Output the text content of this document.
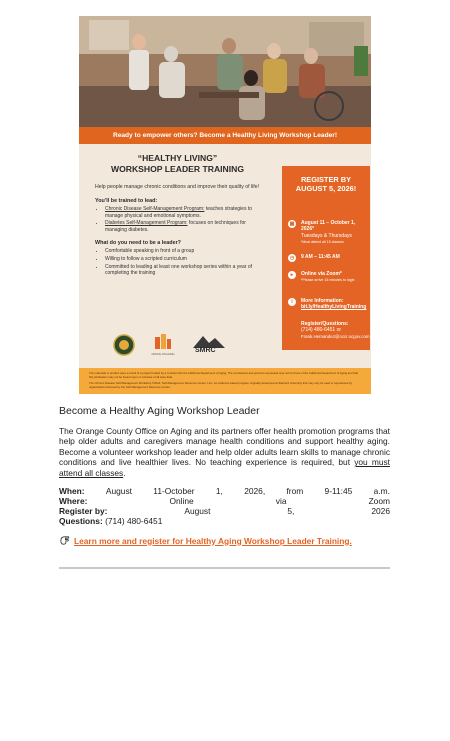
Ready to empower others? Become a Healthy Living Workshop Leader!
“HEALTHY LIVING”
WORKSHOP LEADER TRAINING
Help people manage chronic conditions and improve their quality of life!
You’ll be trained to lead:
• Chronic Disease Self-Management Program: teaches strategies to manage physical and emotional symptoms.
• Diabetes Self-Management Program: focuses on techniques for managing diabetes.
What do you need to be a leader?
• Comfortable speaking in front of a group
• Willing to follow a scripted curriculum
• Committed to leading at least one workshop series within a year of completing the training
OFFICE ON AGING
SMRC
REGISTER BY
AUGUST 5, 2026!
▦	August 11 – October 1, 2026*
Tuesdays & Thursdays
*Must attend all 15 classes
◷	9 AM – 11:45 AM
▸	Online via Zoom*
*Please arrive 15 minutes to login
i	More Information:
bit.ly/HealthyLivingTraining
Register/Questions:
(714) 480-6451 or
Frank.Hernandez@occr.ocgov.com

The materials or product were a result of a project funded by a contract with the California Department of Aging. The conclusions and opinions expressed may not be those of the California Department of Aging and that this publication may not be bound upon or inclusive of all case data.

The Chronic Disease Self-Management Workshop ©2023, Self-Management Resource Center, LLC. An evidence-based program originally developed at Stanford University that may only be used or reproduced by organizations licensed by the Self-Management Resource Center.

Become a Healthy Aging Workshop Leader
The Orange County Office on Aging and its partners offer health promotion programs that help older adults and caregivers manage health conditions and support healthy aging. Become a volunteer workshop leader and help older adults learn skills to manage chronic conditions and live healthier lives. No teaching experience is required, but you must attend all classes.
When:	August	11-October	1,	2026,	from	9-11:45	a.m.
Where:	Online	via	Zoom
Register by:	August	5,	2026
Questions:
(714) 480-6451
Learn more and register for Healthy Aging Workshop Leader Training.
